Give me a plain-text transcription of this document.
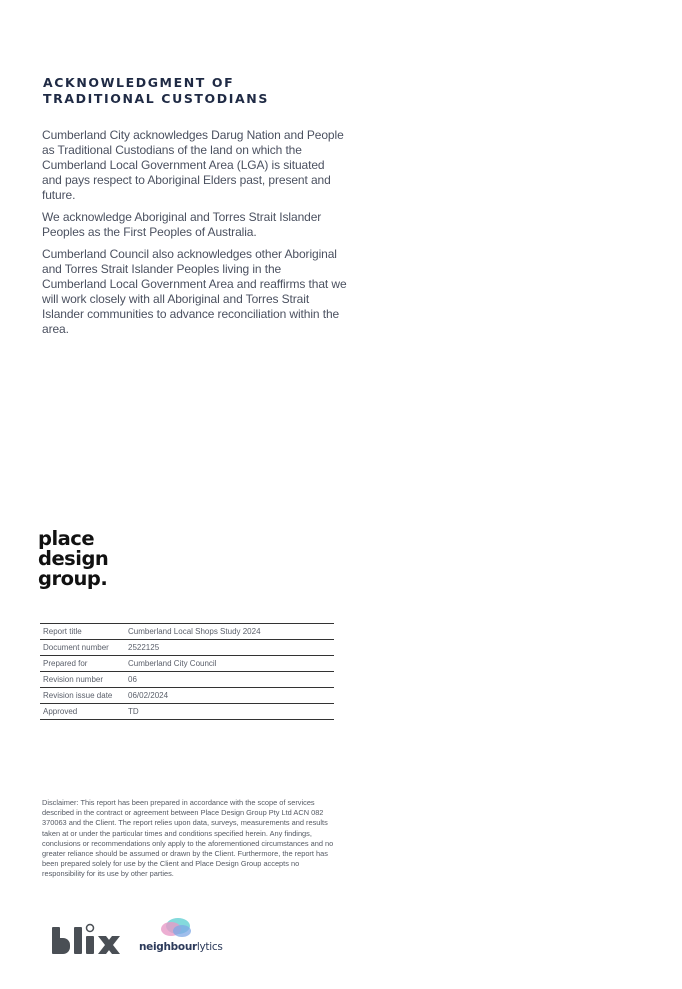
ACKNOWLEDGMENT OF
TRADITIONAL CUSTODIANS

Cumberland City acknowledges Darug Nation and People as Traditional Custodians of the land on which the Cumberland Local Government Area (LGA) is situated and pays respect to Aboriginal Elders past, present and future.

We acknowledge Aboriginal and Torres Strait Islander Peoples as the First Peoples of Australia.

Cumberland Council also acknowledges other Aboriginal and Torres Strait Islander Peoples living in the Cumberland Local Government Area and reaffirms that we will work closely with all Aboriginal and Torres Strait Islander communities to advance reconciliation within the area.

place
design
group.
Report title	Cumberland Local Shops Study 2024
Document number	2522125
Prepared for	Cumberland City Council
Revision number	06
Revision issue date	06/02/2024
Approved	TD

Disclaimer: This report has been prepared in accordance with the scope of services described in the contract or agreement between Place Design Group Pty Ltd ACN 082 370063 and the Client. The report relies upon data, surveys, measurements and results taken at or under the particular times and conditions specified herein. Any findings, conclusions or recommendations only apply to the aforementioned circumstances and no greater reliance should be assumed or drawn by the Client. Furthermore, the report has been prepared solely for use by the Client and Place Design Group accepts no responsibility for its use by other parties.

neighbourlytics
